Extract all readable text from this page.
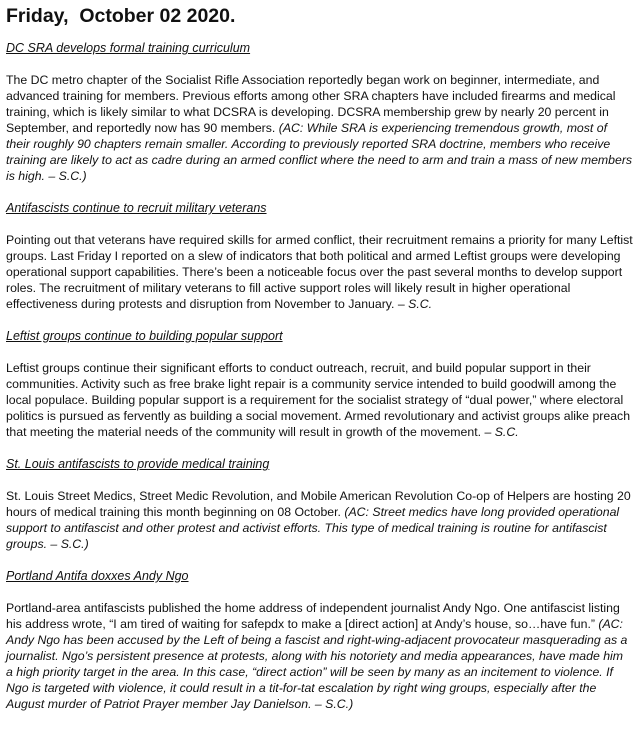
Friday,  October 02 2020.
DC SRA develops formal training curriculum

The DC metro chapter of the Socialist Rifle Association reportedly began work on beginner, intermediate, and advanced training for members. Previous efforts among other SRA chapters have included firearms and medical training, which is likely similar to what DCSRA is developing. DCSRA membership grew by nearly 20 percent in September, and reportedly now has 90 members. (AC: While SRA is experiencing tremendous growth, most of their roughly 90 chapters remain smaller. According to previously reported SRA doctrine, members who receive training are likely to act as cadre during an armed conflict where the need to arm and train a mass of new members is high. – S.C.)

Antifascists continue to recruit military veterans

Pointing out that veterans have required skills for armed conflict, their recruitment remains a priority for many Leftist groups. Last Friday I reported on a slew of indicators that both political and armed Leftist groups were developing operational support capabilities. There’s been a noticeable focus over the past several months to develop support roles. The recruitment of military veterans to fill active support roles will likely result in higher operational effectiveness during protests and disruption from November to January. – S.C.

Leftist groups continue to building popular support

Leftist groups continue their significant efforts to conduct outreach, recruit, and build popular support in their communities. Activity such as free brake light repair is a community service intended to build goodwill among the local populace. Building popular support is a requirement for the socialist strategy of “dual power,” where electoral politics is pursued as fervently as building a social movement. Armed revolutionary and activist groups alike preach that meeting the material needs of the community will result in growth of the movement. – S.C.

St. Louis antifascists to provide medical training

St. Louis Street Medics, Street Medic Revolution, and Mobile American Revolution Co-op of Helpers are hosting 20 hours of medical training this month beginning on 08 October. (AC: Street medics have long provided operational support to antifascist and other protest and activist efforts. This type of medical training is routine for antifascist groups. – S.C.)

Portland Antifa doxxes Andy Ngo

Portland-area antifascists published the home address of independent journalist Andy Ngo. One antifascist listing his address wrote, “I am tired of waiting for safepdx to make a [direct action] at Andy’s house, so…have fun.” (AC: Andy Ngo has been accused by the Left of being a fascist and right-wing-adjacent provocateur masquerading as a journalist. Ngo’s persistent presence at protests, along with his notoriety and media appearances, have made him a high priority target in the area. In this case, “direct action” will be seen by many as an incitement to violence. If Ngo is targeted with violence, it could result in a tit-for-tat escalation by right wing groups, especially after the August murder of Patriot Prayer member Jay Danielson. – S.C.)
